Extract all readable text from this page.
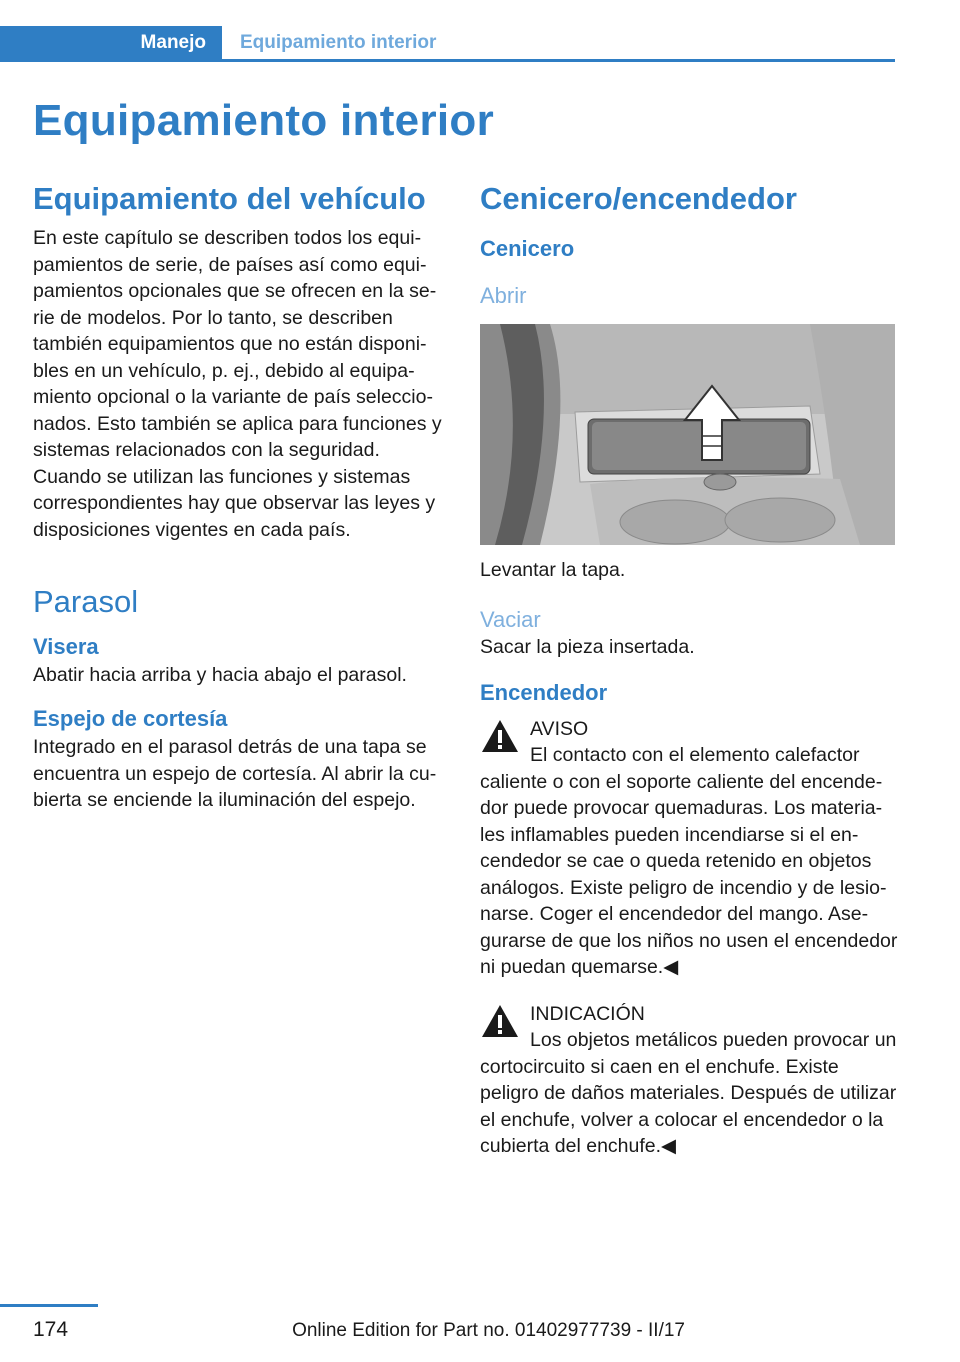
Manejo	Equipamiento interior
Equipamiento interior
Equipamiento del vehículo

En este capítulo se describen todos los equipamientos de serie, de países así como equipamientos opcionales que se ofrecen en la serie de modelos. Por lo tanto, se describen también equipamientos que no están disponibles en un vehículo, p. ej., debido al equipamiento opcional o la variante de país seleccionados. Esto también se aplica para funciones y sistemas relacionados con la seguridad. Cuando se utilizan las funciones y sistemas correspondientes hay que observar las leyes y disposiciones vigentes en cada país.

Parasol
Visera

Abatir hacia arriba y hacia abajo el parasol.

Espejo de cortesía

Integrado en el parasol detrás de una tapa se encuentra un espejo de cortesía. Al abrir la cubierta se enciende la iluminación del espejo.

Cenicero/encendedor
Cenicero
Abrir

Levantar la tapa.

Vaciar

Sacar la pieza insertada.

Encendedor
AVISO

El contacto con el elemento calefactor caliente o con el soporte caliente del encendedor puede provocar quemaduras. Los materiales inflamables pueden incendiarse si el encendedor se cae o queda retenido en objetos análogos. Existe peligro de incendio y de lesionarse. Coger el encendedor del mango. Asegurarse de que los niños no usen el encendedor ni puedan quemarse.◀

INDICACIÓN

Los objetos metálicos pueden provocar un cortocircuito si caen en el enchufe. Existe peligro de daños materiales. Después de utilizar el enchufe, volver a colocar el encendedor o la cubierta del enchufe.◀

174	Online Edition for Part no. 01402977739 - II/17
